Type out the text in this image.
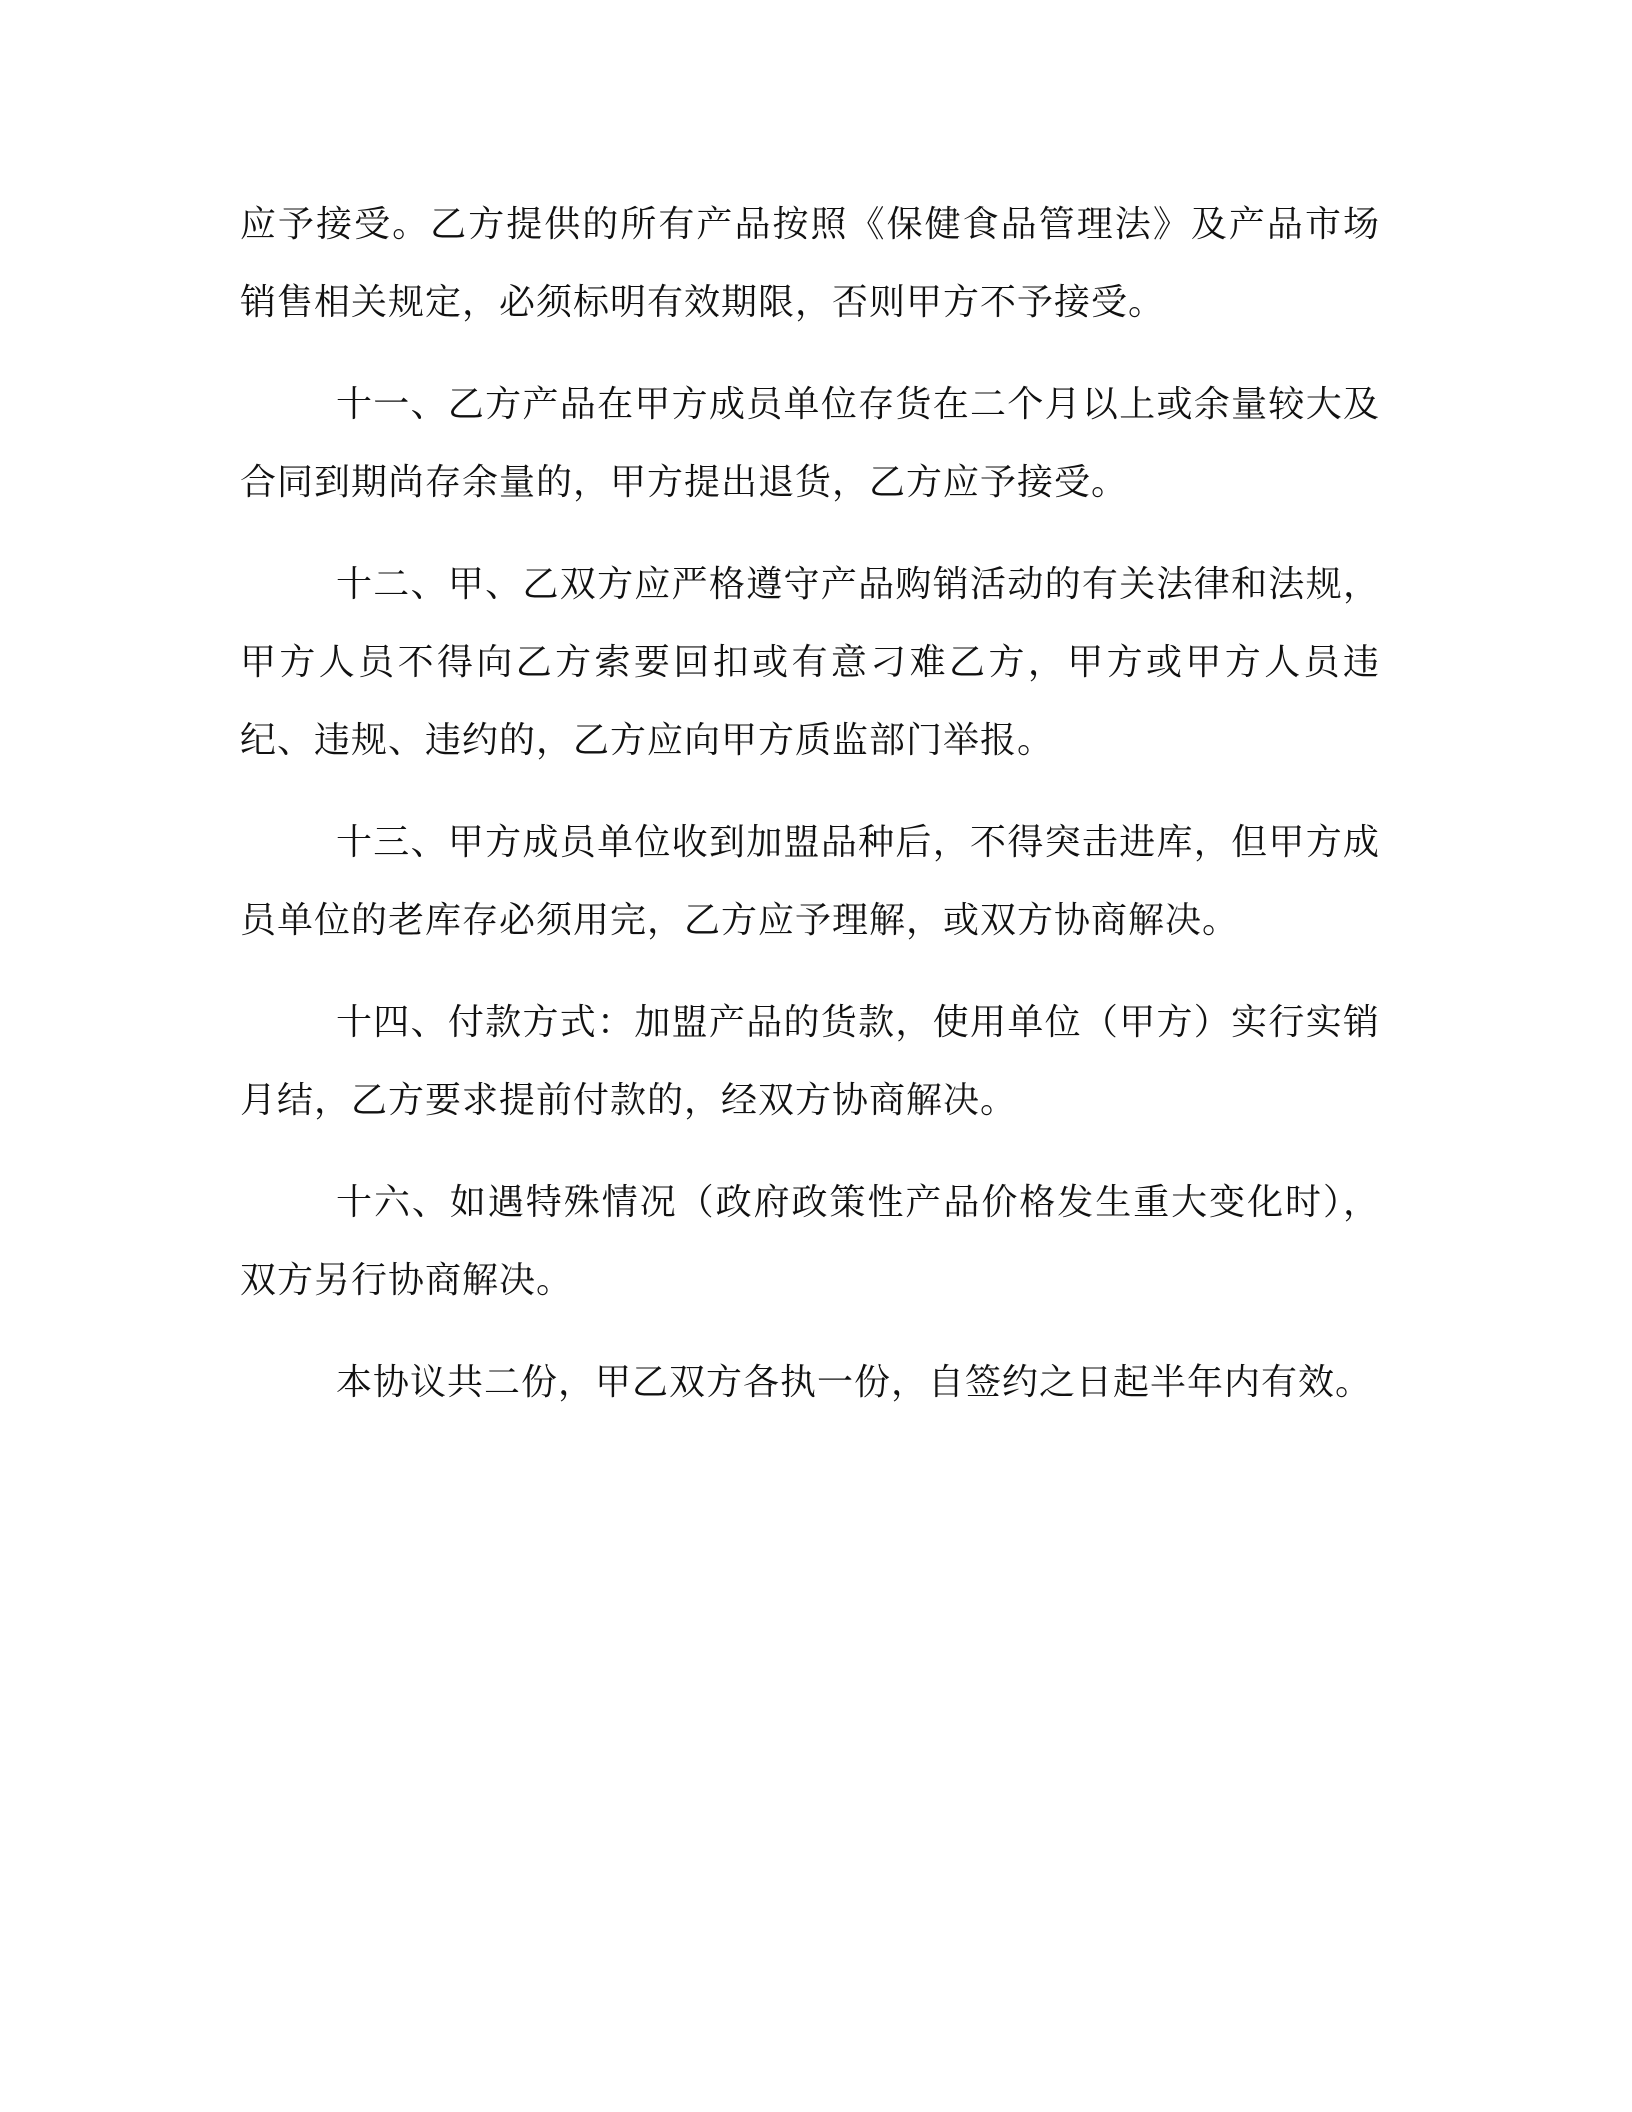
应予接受。乙方提供的所有产品按照《保健食品管理法》及产品市场销售相关规定，必须标明有效期限，否则甲方不予接受。

十一、乙方产品在甲方成员单位存货在二个月以上或余量较大及合同到期尚存余量的，甲方提出退货，乙方应予接受。

十二、甲、乙双方应严格遵守产品购销活动的有关法律和法规，甲方人员不得向乙方索要回扣或有意刁难乙方，甲方或甲方人员违纪、违规、违约的，乙方应向甲方质监部门举报。

十三、甲方成员单位收到加盟品种后，不得突击进库，但甲方成员单位的老库存必须用完，乙方应予理解，或双方协商解决。

十四、付款方式：加盟产品的货款，使用单位（甲方）实行实销月结，乙方要求提前付款的，经双方协商解决。

十六、如遇特殊情况（政府政策性产品价格发生重大变化时），双方另行协商解决。

本协议共二份，甲乙双方各执一份，自签约之日起半年内有效。
